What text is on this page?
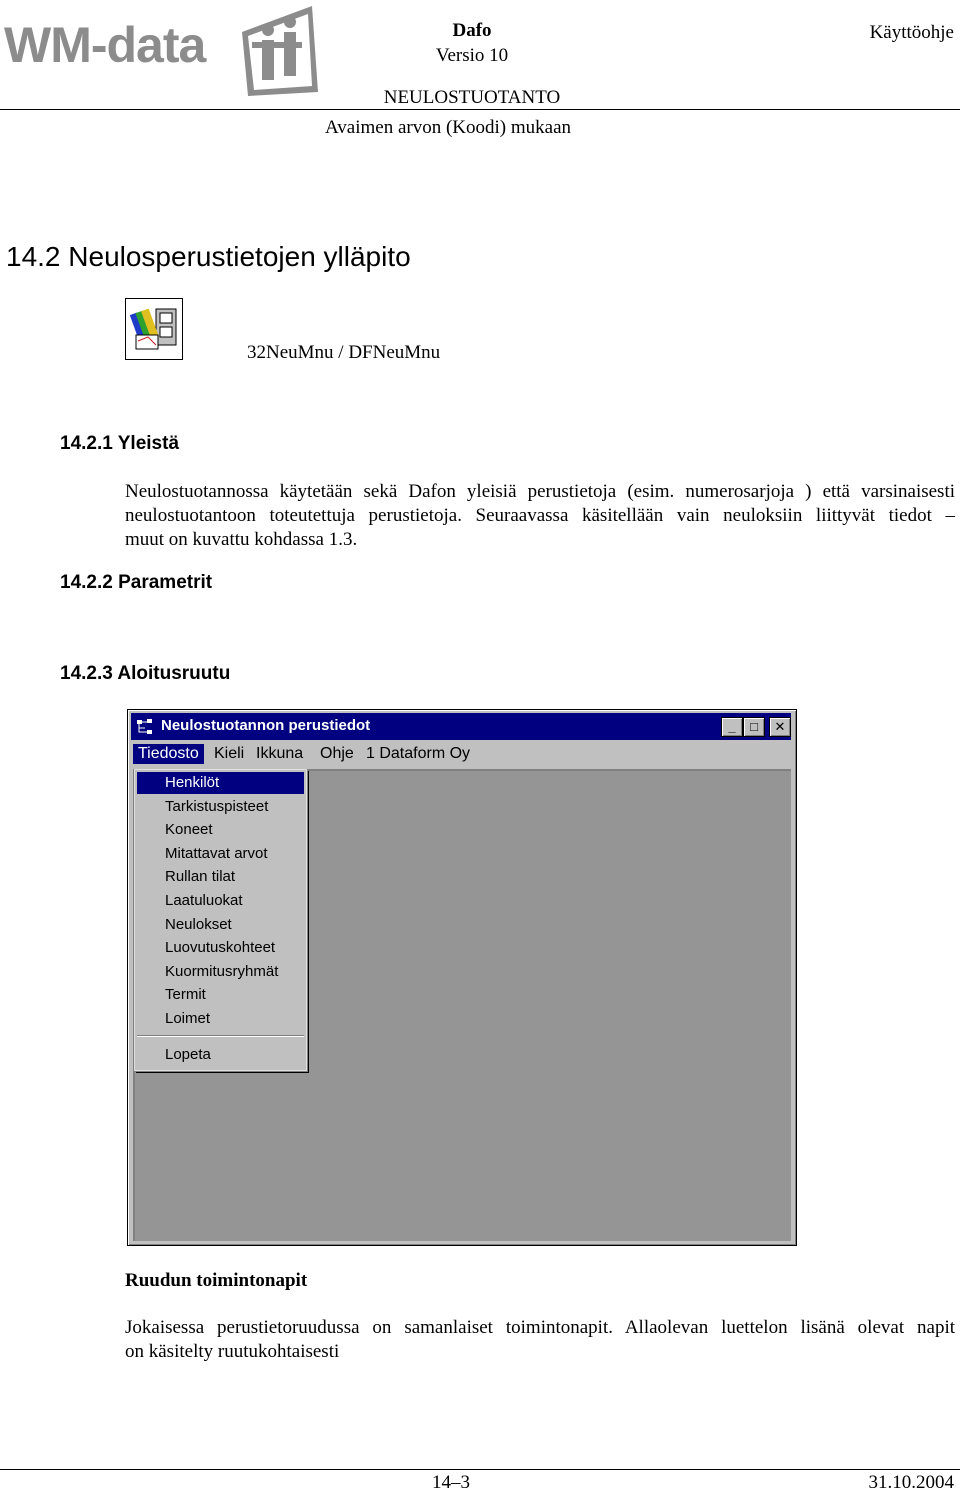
WM-data	Dafo
Versio 10
Käyttöohje
NEULOSTUOTANTO
Avaimen arvon (Koodi) mukaan
14.2 Neulosperustietojen ylläpito
32NeuMnu / DFNeuMnu
14.2.1 Yleistä
Neulostuotannossa käytetään sekä Dafon yleisiä perustietoja (esim. numerosarjoja ) että varsinaisesti
neulostuotantoon toteutettuja perustietoja. Seuraavassa käsitellään vain neuloksiin liittyvät tiedot –
muut on kuvattu kohdassa 1.3.
14.2.2 Parametrit
14.2.3 Aloitusruutu
Neulostuotannon perustiedot	_	□	✕
Tiedosto Kieli Ikkuna	Ohje 1 Dataform Oy
Henkilöt
Tarkistuspisteet
Koneet
Mitattavat arvot
Rullan tilat
Laatuluokat
Neulokset
Luovutuskohteet
Kuormitusryhmät
Termit
Loimet
Lopeta
Ruudun toimintonapit
Jokaisessa perustietoruudussa on samanlaiset toimintonapit. Allaolevan luettelon lisänä olevat napit
on käsitelty ruutukohtaisesti
14–3	31.10.2004
